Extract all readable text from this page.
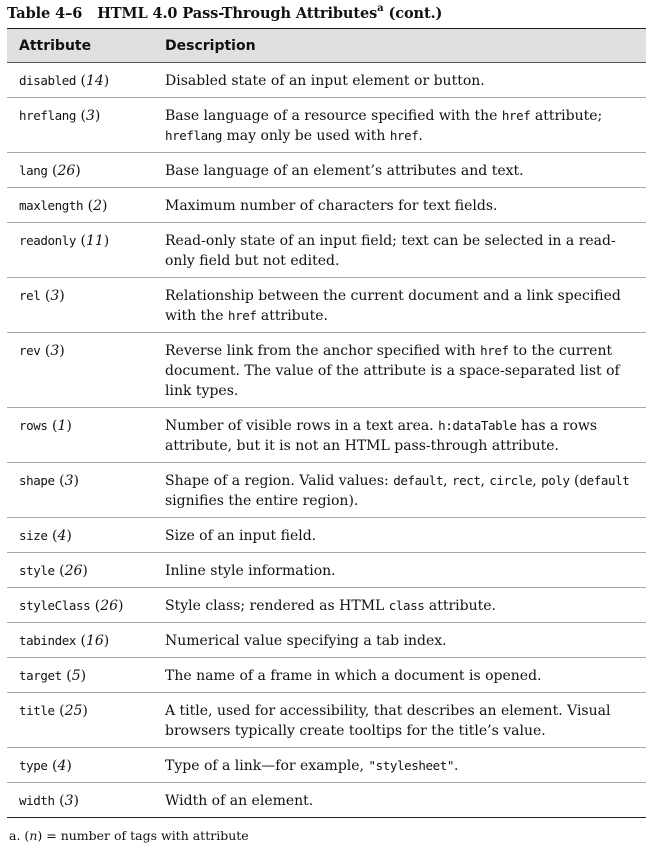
Table 4–6 HTML 4.0 Pass-Through Attributes$^a$ (cont.)
Attribute	Description
disabled (14)	Disabled state of an input element or button.
hreflang (3)	Base language of a resource specified with the href attribute; hreflang may only be used with href.
lang (26)	Base language of an element’s attributes and text.
maxlength (2)	Maximum number of characters for text fields.
readonly (11)	Read-only state of an input field; text can be selected in a read-only field but not edited.
rel (3)	Relationship between the current document and a link specified with the href attribute.
rev (3)	Reverse link from the anchor specified with href to the current document. The value of the attribute is a space-separated list of link types.
rows (1)	Number of visible rows in a text area. h:dataTable has a rows attribute, but it is not an HTML pass-through attribute.
shape (3)	Shape of a region. Valid values: default, rect, circle, poly (default signifies the entire region).
size (4)	Size of an input field.
style (26)	Inline style information.
styleClass (26)	Style class; rendered as HTML class attribute.
tabindex (16)	Numerical value specifying a tab index.
target (5)	The name of a frame in which a document is opened.
title (25)	A title, used for accessibility, that describes an element. Visual browsers typically create tooltips for the title’s value.
type (4)	Type of a link—for example, "stylesheet".
width (3)	Width of an element.
a. (n) = number of tags with attribute
